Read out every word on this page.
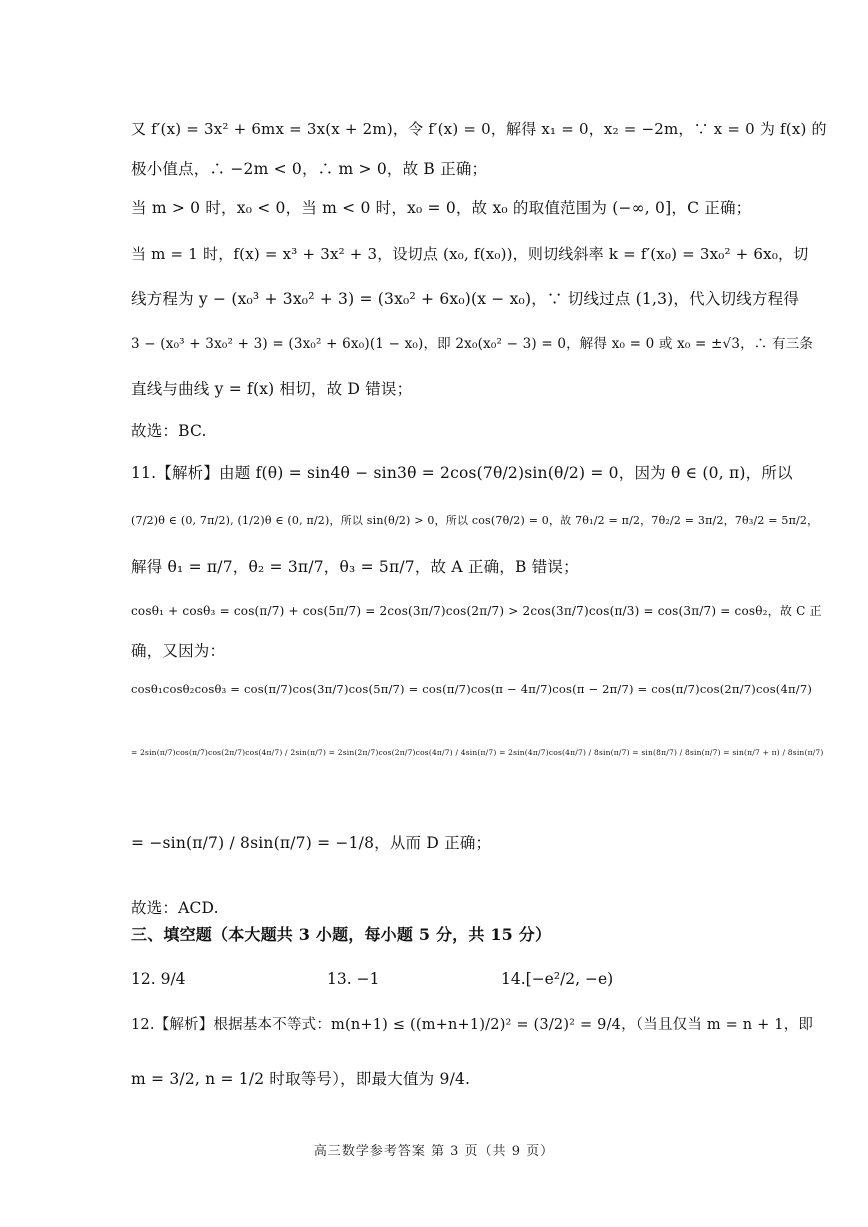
又 f′(x) = 3x² + 6mx = 3x(x + 2m)，令 f′(x) = 0，解得 x₁ = 0，x₂ = −2m，∵ x = 0 为 f(x) 的
极小值点，∴ −2m < 0，∴ m > 0，故 B 正确；
当 m > 0 时，x₀ < 0，当 m < 0 时，x₀ = 0，故 x₀ 的取值范围为 (−∞, 0]，C 正确；
当 m = 1 时，f(x) = x³ + 3x² + 3，设切点 (x₀, f(x₀))，则切线斜率 k = f′(x₀) = 3x₀² + 6x₀，切
线方程为 y − (x₀³ + 3x₀² + 3) = (3x₀² + 6x₀)(x − x₀)，∵ 切线过点 (1,3)，代入切线方程得
3 − (x₀³ + 3x₀² + 3) = (3x₀² + 6x₀)(1 − x₀)，即 2x₀(x₀² − 3) = 0，解得 x₀ = 0 或 x₀ = ±√3，∴ 有三条
直线与曲线 y = f(x) 相切，故 D 错误；
故选：BC.
11.【解析】由题 f(θ) = sin4θ − sin3θ = 2cos(7θ/2)sin(θ/2) = 0，因为 θ ∈ (0, π)，所以
(7/2)θ ∈ (0, 7π/2), (1/2)θ ∈ (0, π/2)，所以 sin(θ/2) > 0，所以 cos(7θ/2) = 0，故 7θ₁/2 = π/2，7θ₂/2 = 3π/2，7θ₃/2 = 5π/2，
解得 θ₁ = π/7，θ₂ = 3π/7，θ₃ = 5π/7，故 A 正确，B 错误；
cosθ₁ + cosθ₃ = cos(π/7) + cos(5π/7) = 2cos(3π/7)cos(2π/7) > 2cos(3π/7)cos(π/3) = cos(3π/7) = cosθ₂，故 C 正
确，又因为：
cosθ₁cosθ₂cosθ₃ = cos(π/7)cos(3π/7)cos(5π/7) = cos(π/7)cos(π − 4π/7)cos(π − 2π/7) = cos(π/7)cos(2π/7)cos(4π/7)
= 2sin(π/7)cos(π/7)cos(2π/7)cos(4π/7) / 2sin(π/7) = 2sin(2π/7)cos(2π/7)cos(4π/7) / 4sin(π/7) = 2sin(4π/7)cos(4π/7) / 8sin(π/7) = sin(8π/7) / 8sin(π/7) = sin(π/7 + π) / 8sin(π/7)
= −sin(π/7) / 8sin(π/7) = −1/8，从而 D 正确；
故选：ACD.
三、填空题（本大题共 3 小题，每小题 5 分，共 15 分）
12. 9/4	13. −1	14.[−e²/2, −e)
12.【解析】根据基本不等式：m(n+1) ≤ ((m+n+1)/2)² = (3/2)² = 9/4，（当且仅当 m = n + 1，即
m = 3/2, n = 1/2 时取等号），即最大值为 9/4.
高三数学参考答案 第 3 页（共 9 页）
